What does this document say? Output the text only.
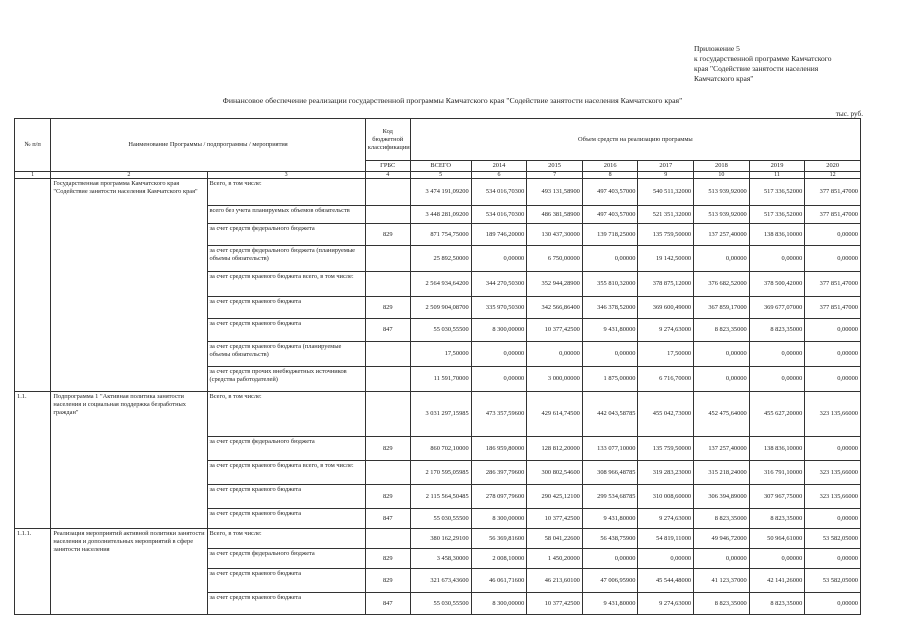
Приложение 5
к государственной программе Камчатского
края "Содействие занятости населения
Камчатского края"
Финансовое обеспечение реализации государственной программы Камчатского края "Содействие занятости населения Камчатского края"
тыс. руб.
№ п/п	Наименование Программы / подпрограммы / мероприятия		Код бюджетной классификации	Объем средств на реализацию программы							
			ГРБС	ВСЕГО	2014	2015	2016	2017	2018	2019	2020
1	2	3	4	5	6	7	8	9	10	11	12
	Государственная программа Камчатского края "Содействие занятости населения Камчатского края"	Всего, в том числе:		3 474 191,09200	534 016,70300	493 131,58900	497 403,57000	540 511,32000	513 939,92000	517 336,52000	377 851,47000
		всего без учета планируемых объемов обязательств		3 448 281,09200	534 016,70300	486 381,58900	497 403,57000	521 351,32000	513 939,92000	517 336,52000	377 851,47000
		за счет средств федерального бюджета	829	871 754,75000	189 746,20000	130 437,30000	139 718,25000	135 759,50000	137 257,40000	138 836,10000	0,00000
		за счет средств федерального бюджета (планируемые объемы обязательств)		25 892,50000	0,00000	6 750,00000	0,00000	19 142,50000	0,00000	0,00000	0,00000
		за счет средств краевого бюджета всего, в том числе:		2 564 934,64200	344 270,50300	352 944,28900	355 810,32000	378 875,12000	376 682,52000	378 500,42000	377 851,47000
		за счет средств краевого бюджета	829	2 509 904,08700	335 970,50300	342 566,86400	346 378,52000	369 600,49000	367 859,17000	369 677,07000	377 851,47000
		за счет средств краевого бюджета	847	55 030,55500	8 300,00000	10 377,42500	9 431,80000	9 274,63000	8 823,35000	8 823,35000	0,00000
		за счет средств краевого бюджета (планируемые объемы обязательств)		17,50000	0,00000	0,00000	0,00000	17,50000	0,00000	0,00000	0,00000
		за счет средств прочих внебюджетных источников (средства работодателей)		11 591,70000	0,00000	3 000,00000	1 875,00000	6 716,70000	0,00000	0,00000	0,00000
1.1.	Подпрограмма 1 "Активная политика занятости населения и социальная поддержка безработных граждан"	Всего, в том числе:		3 031 297,15985	473 357,59600	429 614,74500	442 043,58785	455 042,73000	452 475,64000	455 627,20000	323 135,66000
		за счет средств федерального бюджета	829	860 702,10000	186 959,80000	128 812,20000	133 077,10000	135 759,50000	137 257,40000	138 836,10000	0,00000
		за счет средств краевого бюджета всего, в том числе:		2 170 595,05985	286 397,79600	300 802,54600	308 966,48785	319 283,23000	315 218,24000	316 791,10000	323 135,66000
		за счет средств краевого бюджета	829	2 115 564,50485	278 097,79600	290 425,12100	299 534,68785	310 008,60000	306 394,89000	307 967,75000	323 135,66000
		за счет средств краевого бюджета	847	55 030,55500	8 300,00000	10 377,42500	9 431,80000	9 274,63000	8 823,35000	8 823,35000	0,00000
1.1.1.	Реализация мероприятий активной политики занятости населения и дополнительных мероприятий в сфере занятости населения	Всего, в том числе:		380 162,29100	56 369,81600	58 041,22600	56 438,75900	54 819,11000	49 946,72000	50 964,61000	53 582,05000
		за счет средств федерального бюджета	829	3 458,30000	2 008,10000	1 450,20000	0,00000	0,00000	0,00000	0,00000	0,00000
		за счет средств краевого бюджета	829	321 673,43600	46 061,71600	46 213,60100	47 006,95900	45 544,48000	41 123,37000	42 141,26000	53 582,05000
		за счет средств краевого бюджета	847	55 030,55500	8 300,00000	10 377,42500	9 431,80000	9 274,63000	8 823,35000	8 823,35000	0,00000
